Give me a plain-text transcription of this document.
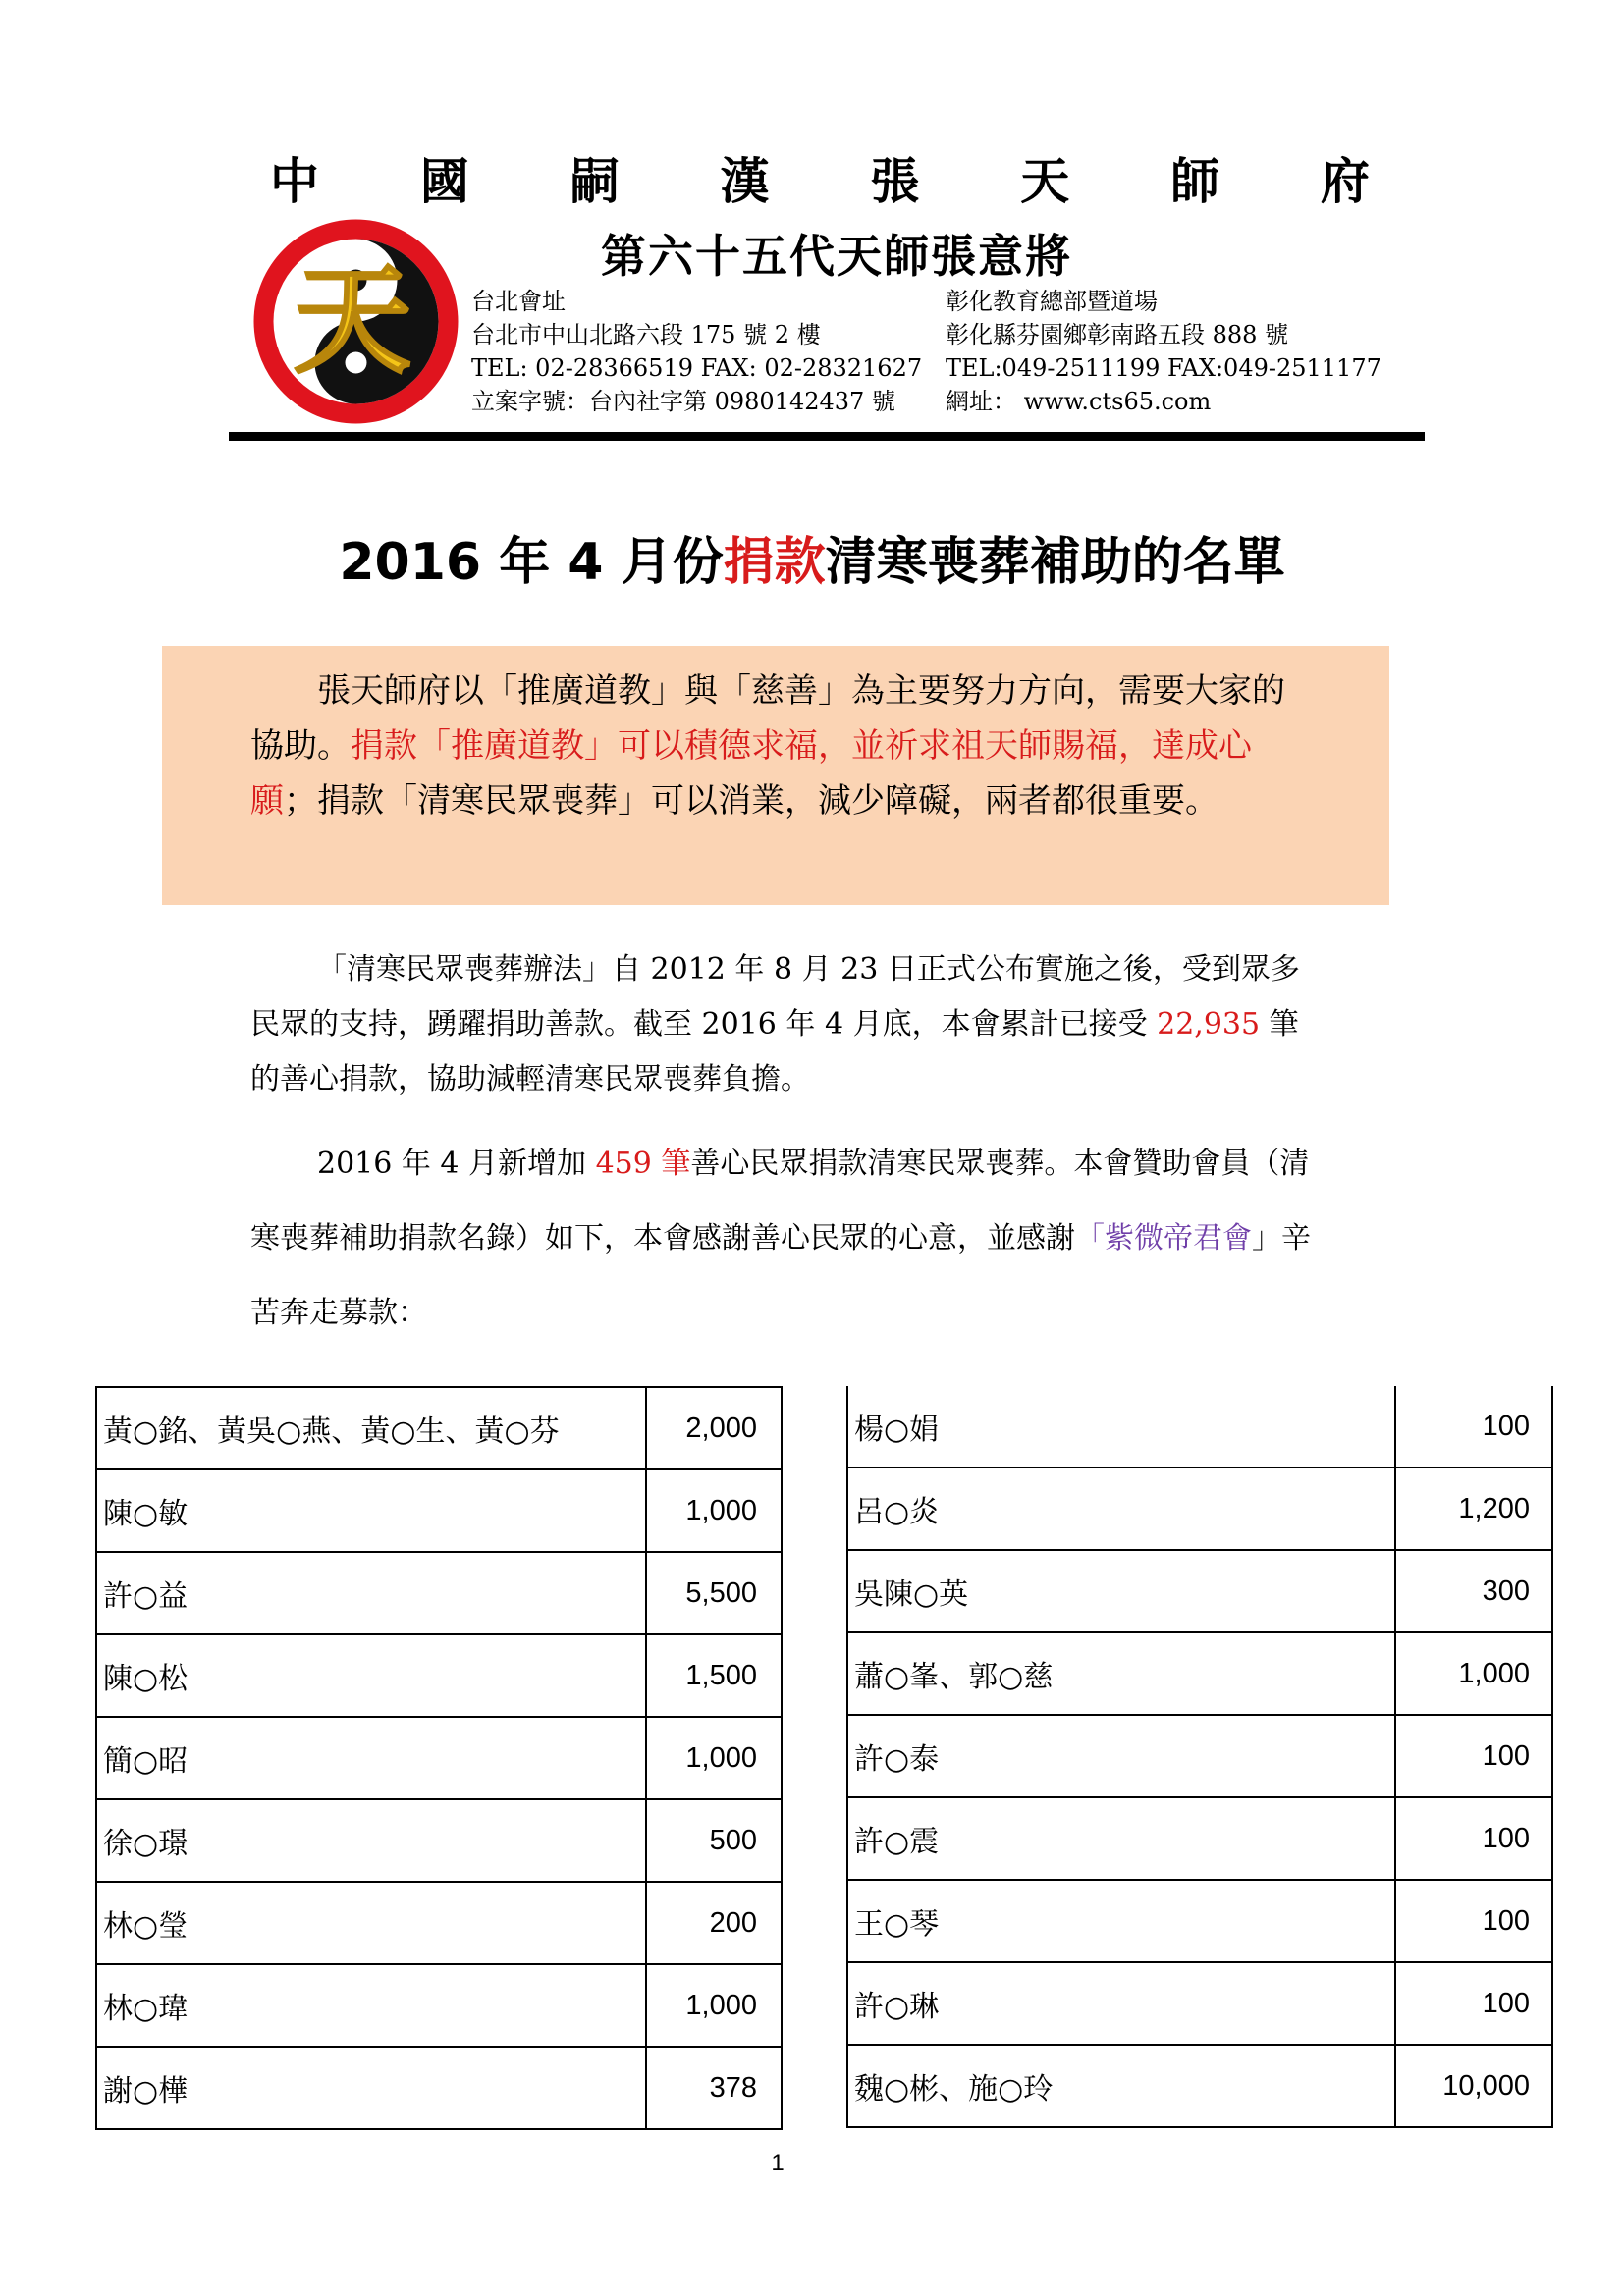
中 國 嗣 漢 張 天 師 府
天	第六十五代天師張意將
台北會址
台北市中山北路六段 175 號 2 樓
TEL: 02-28366519 FAX: 02-28321627
立案字號：台內社字第 0980142437 號
彰化教育總部暨道場
彰化縣芬園鄉彰南路五段 888 號
TEL:049-2511199 FAX:049-2511177
網址： www.cts65.com
2016 年 4 月份捐款清寒喪葬補助的名單
張天師府以「推廣道教」與「慈善」為主要努力方向，需要大家的協助。捐款「推廣道教」可以積德求福，並祈求祖天師賜福，達成心願；捐款「清寒民眾喪葬」可以消業，減少障礙，兩者都很重要。
「清寒民眾喪葬辦法」自 2012 年 8 月 23 日正式公布實施之後，受到眾多民眾的支持，踴躍捐助善款。截至 2016 年 4 月底，本會累計已接受 22,935 筆的善心捐款，協助減輕清寒民眾喪葬負擔。
2016 年 4 月新增加 459 筆善心民眾捐款清寒民眾喪葬。本會贊助會員（清寒喪葬補助捐款名錄）如下，本會感謝善心民眾的心意，並感謝「紫微帝君會」辛苦奔走募款：
黃○銘、黃吳○燕、黃○生、黃○芬	2,000
陳○敏	1,000
許○益	5,500
陳○松	1,500
簡○昭	1,000
徐○璟	500
林○瑩	200
林○瑋	1,000
謝○樺	378
楊○娟	100
呂○炎	1,200
吳陳○英	300
蕭○峯、郭○慈	1,000
許○泰	100
許○震	100
王○琴	100
許○琳	100
魏○彬、施○玲	10,000
1
